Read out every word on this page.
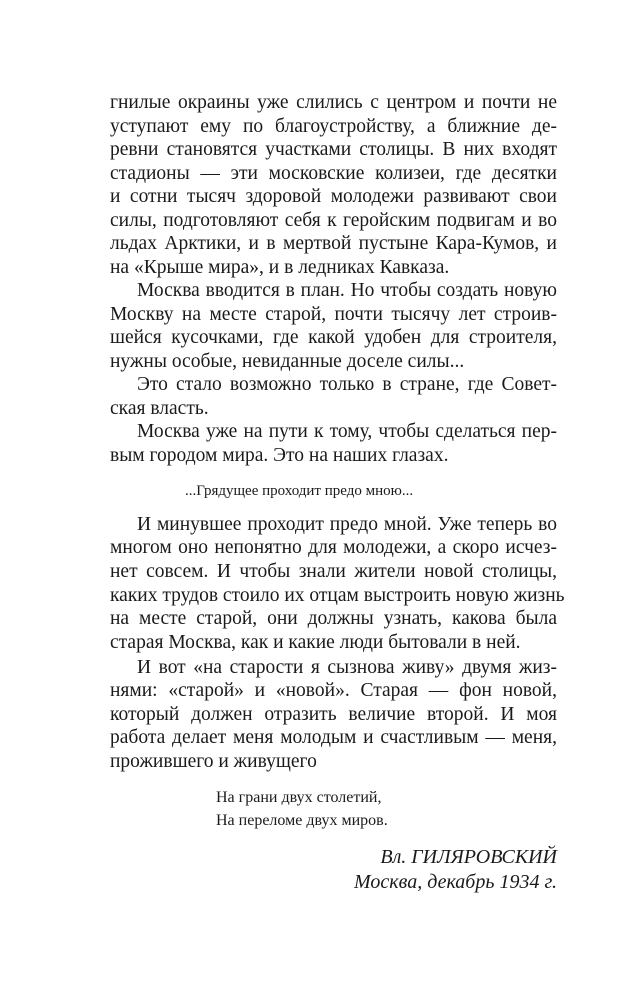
гнилые окраины уже слились с центром и почти не
уступают ему по благоустройству, а ближние де-
ревни становятся участками столицы. В них входят
стадионы — эти московские колизеи, где десятки
и сотни тысяч здоровой молодежи развивают свои
силы, подготовляют себя к геройским подвигам и во
льдах Арктики, и в мертвой пустыне Кара-Кумов, и
на «Крыше мира», и в ледниках Кавказа.
Москва вводится в план. Но чтобы создать новую
Москву на месте старой, почти тысячу лет строив-
шейся кусочками, где какой удобен для строителя,
нужны особые, невиданные доселе силы...
Это стало возможно только в стране, где Совет-
ская власть.
Москва уже на пути к тому, чтобы сделаться пер-
вым городом мира. Это на наших глазах.
...Грядущее проходит предо мною...
И минувшее проходит предо мной. Уже теперь во
многом оно непонятно для молодежи, а скоро исчез-
нет совсем. И чтобы знали жители новой столицы,
каких трудов стоило их отцам выстроить новую жизнь
на месте старой, они должны узнать, какова была
старая Москва, как и какие люди бытовали в ней.
И вот «на старости я сызнова живу» двумя жиз-
нями: «старой» и «новой». Старая — фон новой,
который должен отразить величие второй. И моя
работа делает меня молодым и счастливым — меня,
прожившего и живущего
На грани двух столетий,
На переломе двух миров.
Вл. ГИЛЯРОВСКИЙ
Москва, декабрь 1934 г.
